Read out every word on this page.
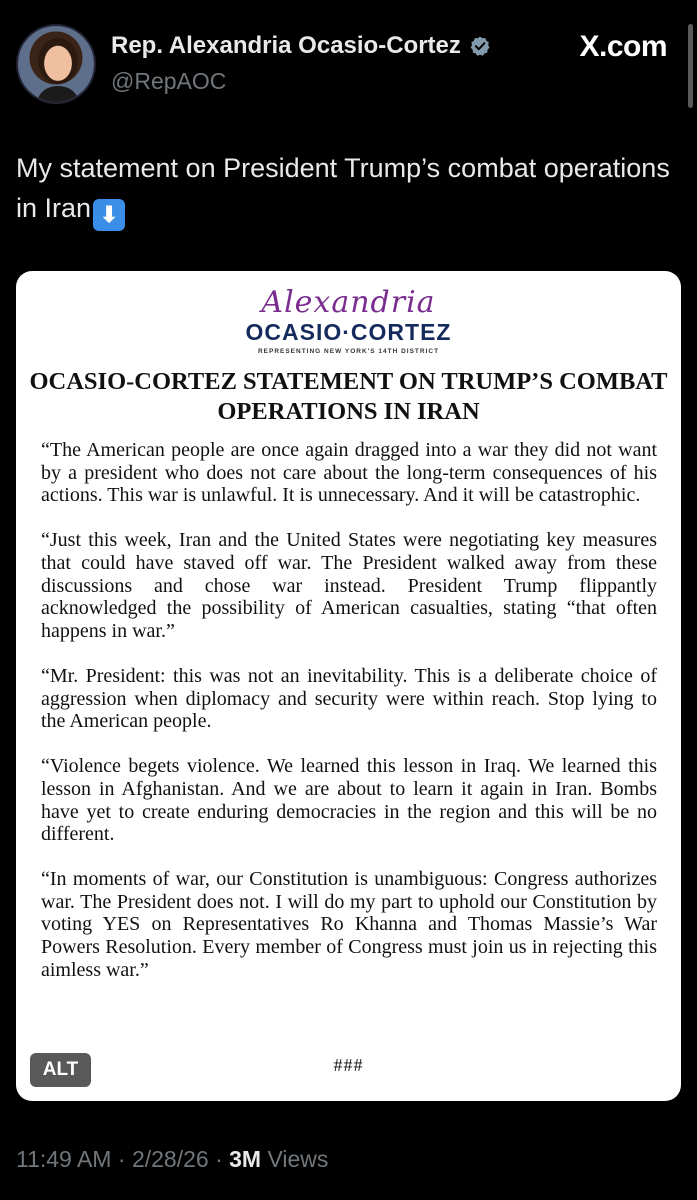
Rep. Alexandria Ocasio-Cortez
@RepAOC
X.com
My statement on President Trump’s combat operations in Iran ⬇
Alexandria
OCASIO·CORTEZ
REPRESENTING NEW YORK'S 14TH DISTRICT
OCASIO-CORTEZ STATEMENT ON TRUMP’S COMBAT OPERATIONS IN IRAN

“The American people are once again dragged into a war they did not want by a president who does not care about the long-term consequences of his actions. This war is unlawful. It is unnecessary. And it will be catastrophic.

“Just this week, Iran and the United States were negotiating key measures that could have staved off war. The President walked away from these discussions and chose war instead. President Trump flippantly acknowledged the possibility of American casualties, stating “that often happens in war.”

“Mr. President: this was not an inevitability. This is a deliberate choice of aggression when diplomacy and security were within reach. Stop lying to the American people.

“Violence begets violence. We learned this lesson in Iraq. We learned this lesson in Afghanistan. And we are about to learn it again in Iran. Bombs have yet to create enduring democracies in the region and this will be no different.

“In moments of war, our Constitution is unambiguous: Congress authorizes war. The President does not. I will do my part to uphold our Constitution by voting YES on Representatives Ro Khanna and Thomas Massie’s War Powers Resolution. Every member of Congress must join us in rejecting this aimless war.”

###
ALT
11:49 AM · 2/28/26 · 3M Views
